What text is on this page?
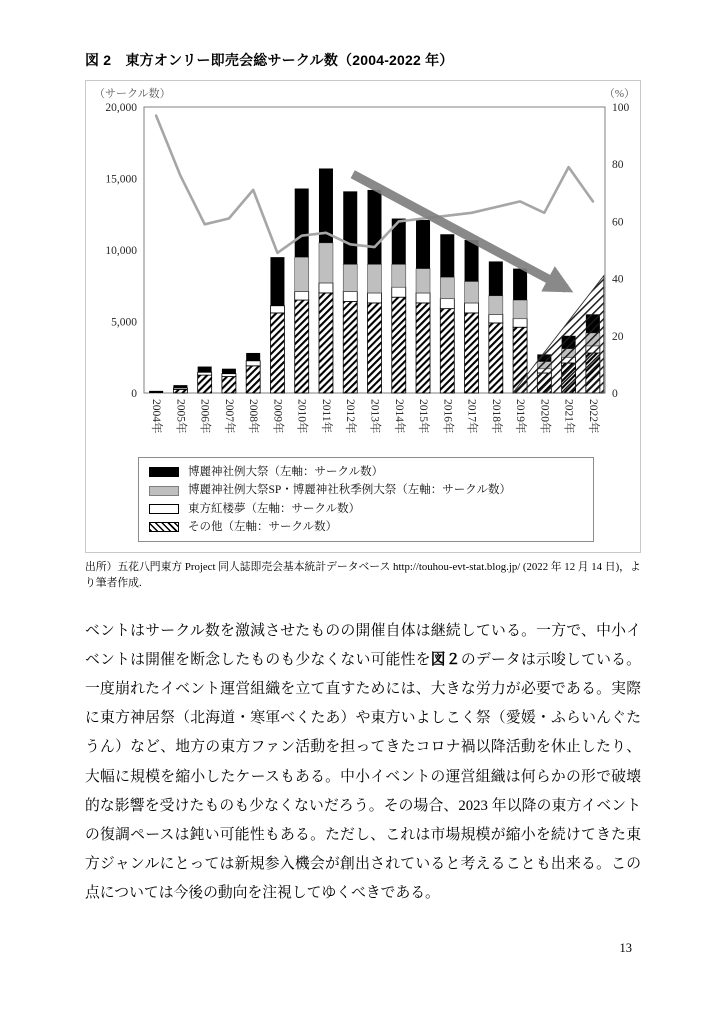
図 2　東方オンリー即売会総サークル数（2004-2022 年）
（サークル数）	（%）
0
5,000
10,000
15,000
20,000
0
20
40
60
80
100
2004年 2005年 2006年 2007年 2008年 2009年 2010年 2011年 2012年 2013年 2014年 2015年 2016年 2017年 2018年 2019年 2020年 2021年 2022年
博麗神社例大祭（左軸：サークル数）
博麗神社例大祭SP・博麗神社秋季例大祭（左軸：サークル数）
東方紅楼夢（左軸：サークル数）
その他（左軸：サークル数）

出所）五花八門東方 Project 同人誌即売会基本統計データベース http://touhou-evt-stat.blog.jp/ (2022 年 12 月 14 日)，より筆者作成.

ベントはサークル数を激減させたものの開催自体は継続している。一方で、中小イベントは開催を断念したものも少なくない可能性を図２のデータは示唆している。一度崩れたイベント運営組織を立て直すためには、大きな労力が必要である。実際に東方神居祭（北海道・寒軍べくたあ）や東方いよしこく祭（愛媛・ふらいんぐたうん）など、地方の東方ファン活動を担ってきたコロナ禍以降活動を休止したり、大幅に規模を縮小したケースもある。中小イベントの運営組織は何らかの形で破壊的な影響を受けたものも少なくないだろう。その場合、2023 年以降の東方イベントの復調ペースは鈍い可能性もある。ただし、これは市場規模が縮小を続けてきた東方ジャンルにとっては新規参入機会が創出されていると考えることも出来る。この点については今後の動向を注視してゆくべきである。
13
